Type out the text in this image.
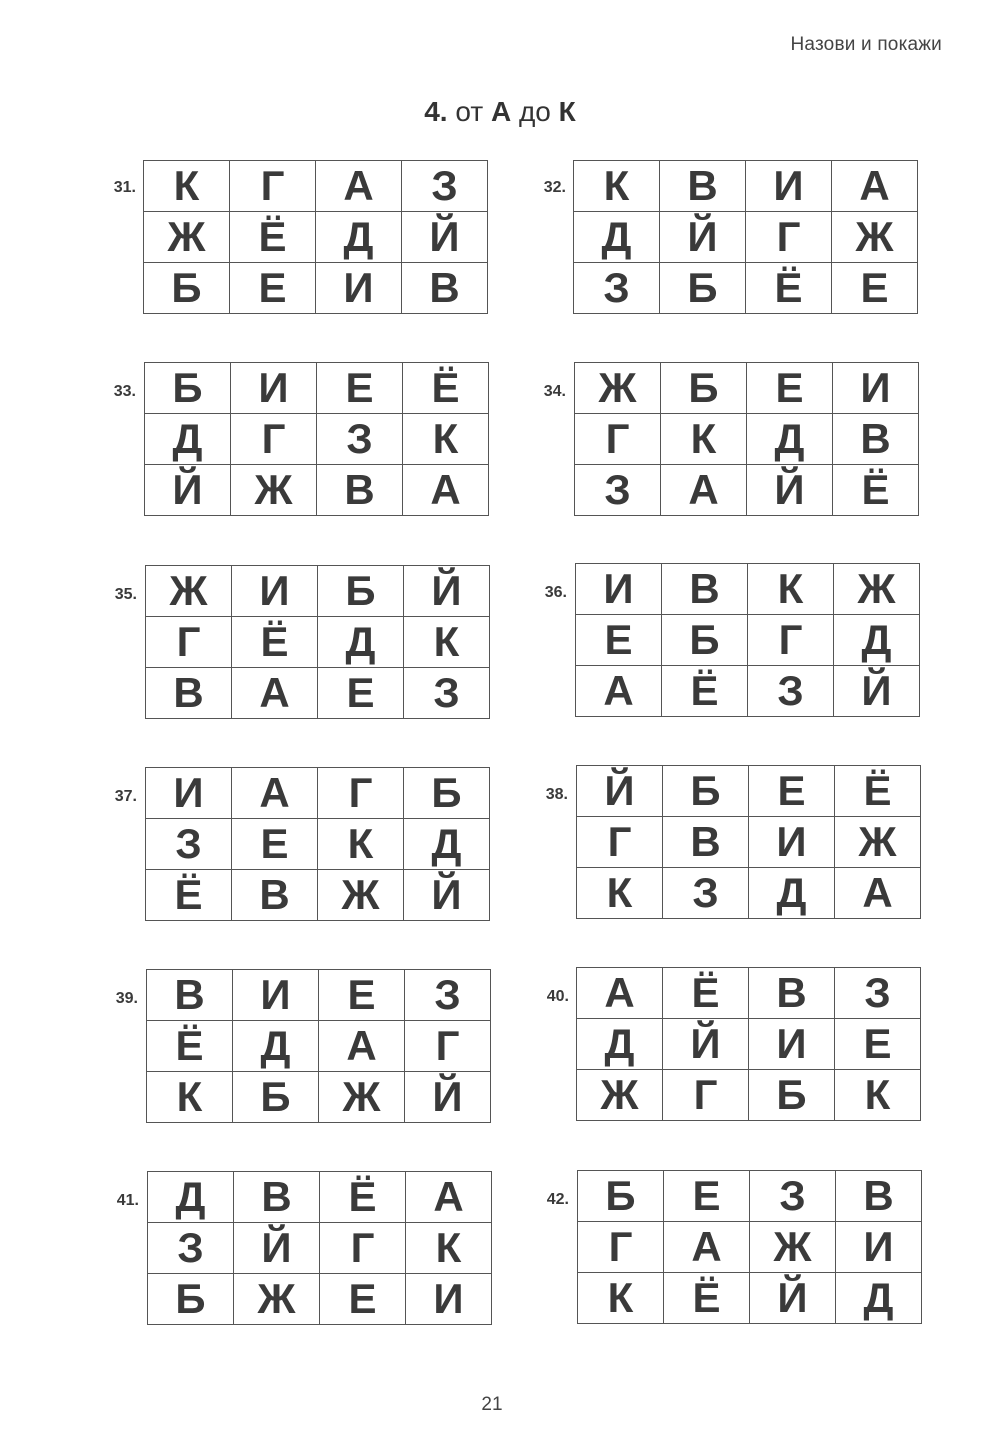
Назови и покажи
4. от А до К
31. К	Г	А	З
Ж	Ё	Д	Й
Б	Е	И	В
32. К	В	И	А
Д	Й	Г	Ж
З	Б	Ё	Е
33. Б	И	Е	Ё
Д	Г	З	К
Й	Ж	В	А
34. Ж	Б	Е	И
Г	К	Д	В
З	А	Й	Ё
35. Ж	И	Б	Й
Г	Ё	Д	К
В	А	Е	З
36. И	В	К	Ж
Е	Б	Г	Д
А	Ё	З	Й
37. И	А	Г	Б
З	Е	К	Д
Ё	В	Ж	Й
38. Й	Б	Е	Ё
Г	В	И	Ж
К	З	Д	А
39. В	И	Е	З
Ё	Д	А	Г
К	Б	Ж	Й
40. А	Ё	В	З
Д	Й	И	Е
Ж	Г	Б	К
41. Д	В	Ё	А
З	Й	Г	К
Б	Ж	Е	И
42. Б	Е	З	В
Г	А	Ж	И
К	Ё	Й	Д
21
